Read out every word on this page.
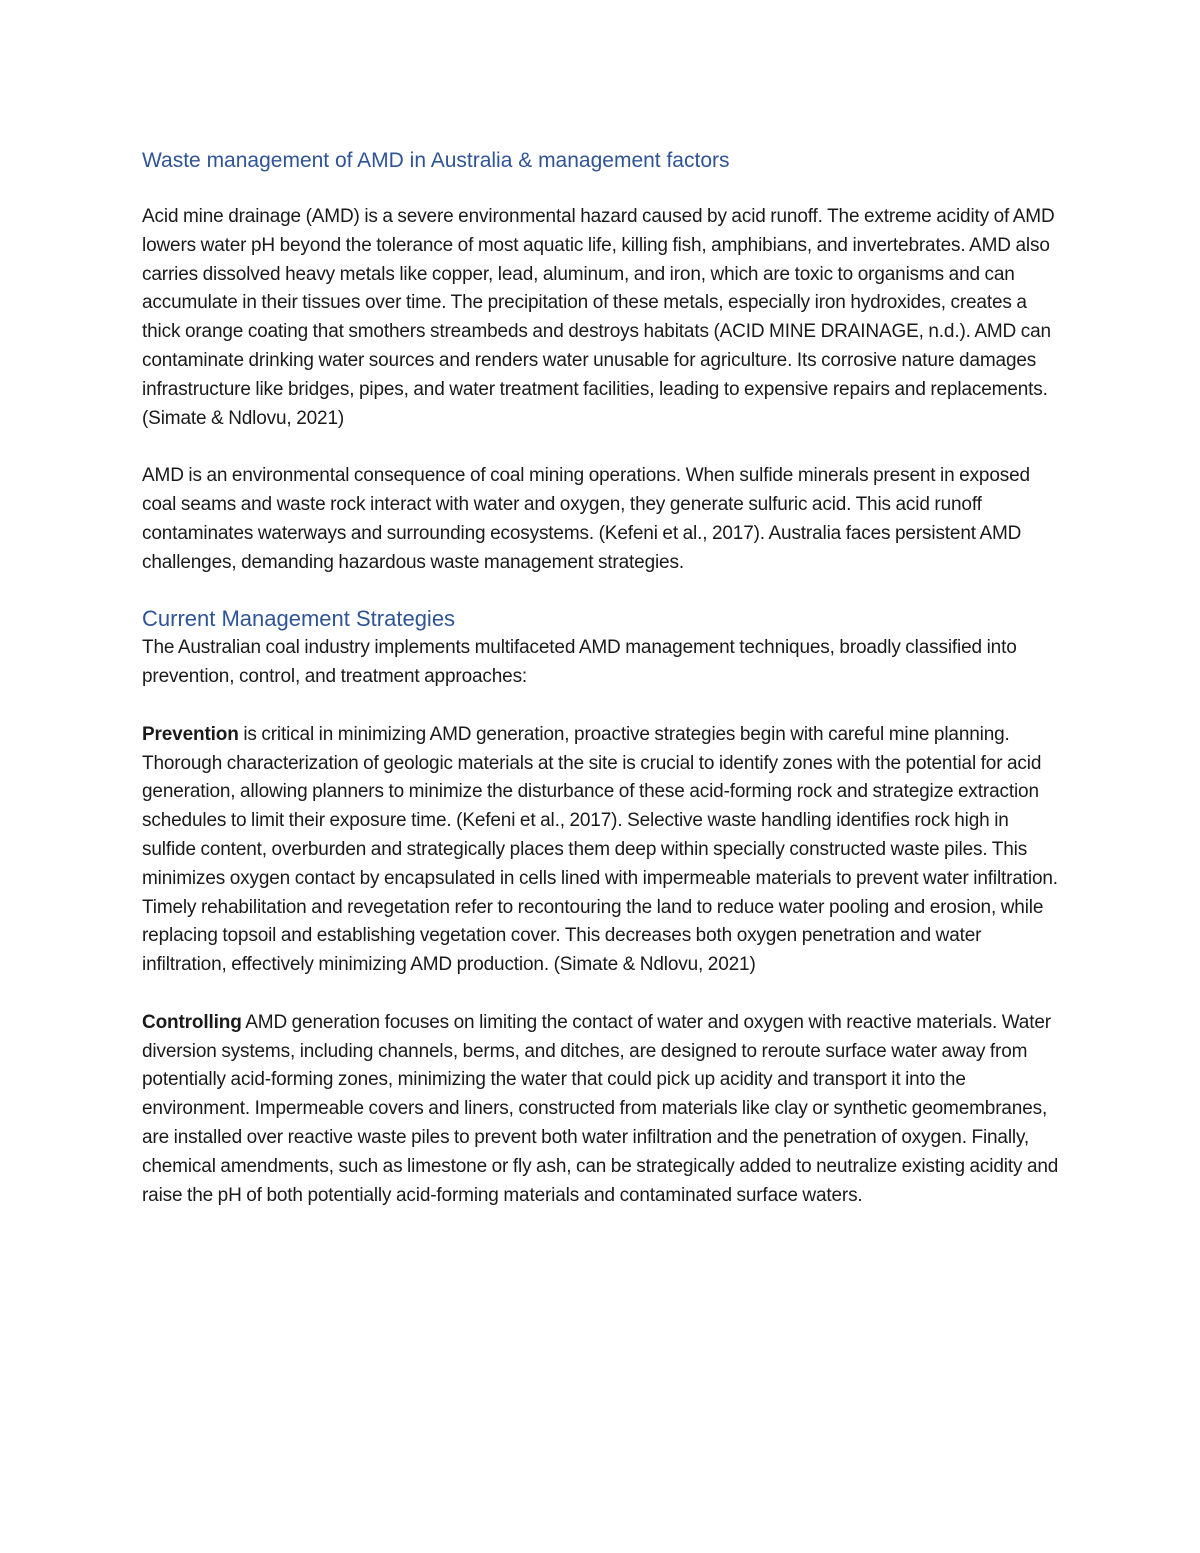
Waste management of AMD in Australia & management factors

Acid mine drainage (AMD) is a severe environmental hazard caused by acid runoff. The extreme acidity of AMD lowers water pH beyond the tolerance of most aquatic life, killing fish, amphibians, and invertebrates. AMD also carries dissolved heavy metals like copper, lead, aluminum, and iron, which are toxic to organisms and can accumulate in their tissues over time. The precipitation of these metals, especially iron hydroxides, creates a thick orange coating that smothers streambeds and destroys habitats (ACID MINE DRAINAGE, n.d.). AMD can contaminate drinking water sources and renders water unusable for agriculture. Its corrosive nature damages infrastructure like bridges, pipes, and water treatment facilities, leading to expensive repairs and replacements. (Simate & Ndlovu, 2021)

AMD is an environmental consequence of coal mining operations. When sulfide minerals present in exposed coal seams and waste rock interact with water and oxygen, they generate sulfuric acid. This acid runoff contaminates waterways and surrounding ecosystems. (Kefeni et al., 2017). Australia faces persistent AMD challenges, demanding hazardous waste management strategies.

Current Management Strategies

The Australian coal industry implements multifaceted AMD management techniques, broadly classified into prevention, control, and treatment approaches:

Prevention is critical in minimizing AMD generation, proactive strategies begin with careful mine planning. Thorough characterization of geologic materials at the site is crucial to identify zones with the potential for acid generation, allowing planners to minimize the disturbance of these acid-forming rock and strategize extraction schedules to limit their exposure time. (Kefeni et al., 2017). Selective waste handling identifies rock high in sulfide content, overburden and strategically places them deep within specially constructed waste piles. This minimizes oxygen contact by encapsulated in cells lined with impermeable materials to prevent water infiltration. Timely rehabilitation and revegetation refer to recontouring the land to reduce water pooling and erosion, while replacing topsoil and establishing vegetation cover. This decreases both oxygen penetration and water infiltration, effectively minimizing AMD production. (Simate & Ndlovu, 2021)

Controlling AMD generation focuses on limiting the contact of water and oxygen with reactive materials. Water diversion systems, including channels, berms, and ditches, are designed to reroute surface water away from potentially acid-forming zones, minimizing the water that could pick up acidity and transport it into the environment. Impermeable covers and liners, constructed from materials like clay or synthetic geomembranes, are installed over reactive waste piles to prevent both water infiltration and the penetration of oxygen. Finally, chemical amendments, such as limestone or fly ash, can be strategically added to neutralize existing acidity and raise the pH of both potentially acid-forming materials and contaminated surface waters.
